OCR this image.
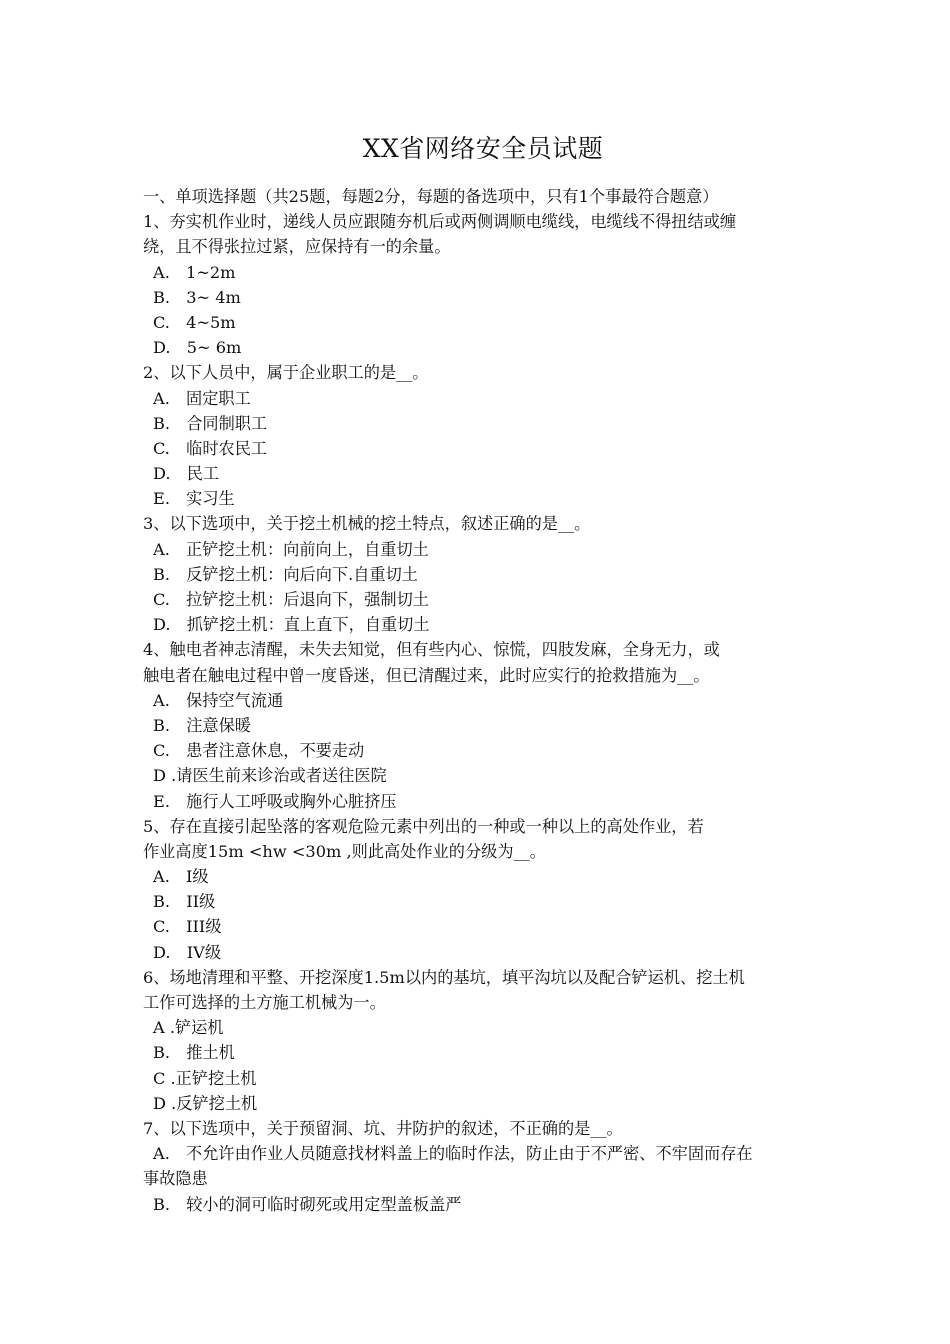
XX省网络安全员试题
一、单项选择题（共25题，每题2分，每题的备选项中，只有1个事最符合题意）
1、夯实机作业时，递线人员应跟随夯机后或两侧调顺电缆线，电缆线不得扭结或缠
绕，且不得张拉过紧，应保持有一的余量。
A.　1~2m
B.　3~ 4m
C.　4~5m
D.　5~ 6m
2、以下人员中，属于企业职工的是__。
A.　固定职工
B.　合同制职工
C.　临时农民工
D.　民工
E.　实习生
3、以下选项中，关于挖土机械的挖土特点，叙述正确的是__。
A.　正铲挖土机：向前向上，自重切土
B.　反铲挖土机：向后向下.自重切土
C.　拉铲挖土机：后退向下，强制切土
D.　抓铲挖土机：直上直下，自重切土
4、触电者神志清醒，未失去知觉，但有些内心、惊慌，四肢发麻，全身无力，或
触电者在触电过程中曾一度昏迷，但已清醒过来，此时应实行的抢救措施为__。
A.　保持空气流通
B.　注意保暖
C.　患者注意休息，不要走动
D .请医生前来诊治或者送往医院
E.　施行人工呼吸或胸外心脏挤压
5、存在直接引起坠落的客观危险元素中列出的一种或一种以上的高处作业，若
作业高度15m <hw <30m ,则此高处作业的分级为__。
A.　I级
B.　II级
C.　III级
D.　IV级
6、场地清理和平整、开挖深度1.5m以内的基坑，填平沟坑以及配合铲运机、挖土机
工作可选择的土方施工机械为一。
A .铲运机
B.　推土机
C .正铲挖土机
D .反铲挖土机
7、以下选项中，关于预留洞、坑、井防护的叙述，不正确的是__。
A.　不允许由作业人员随意找材料盖上的临时作法，防止由于不严密、不牢固而存在
事故隐患
B.　较小的洞可临时砌死或用定型盖板盖严
